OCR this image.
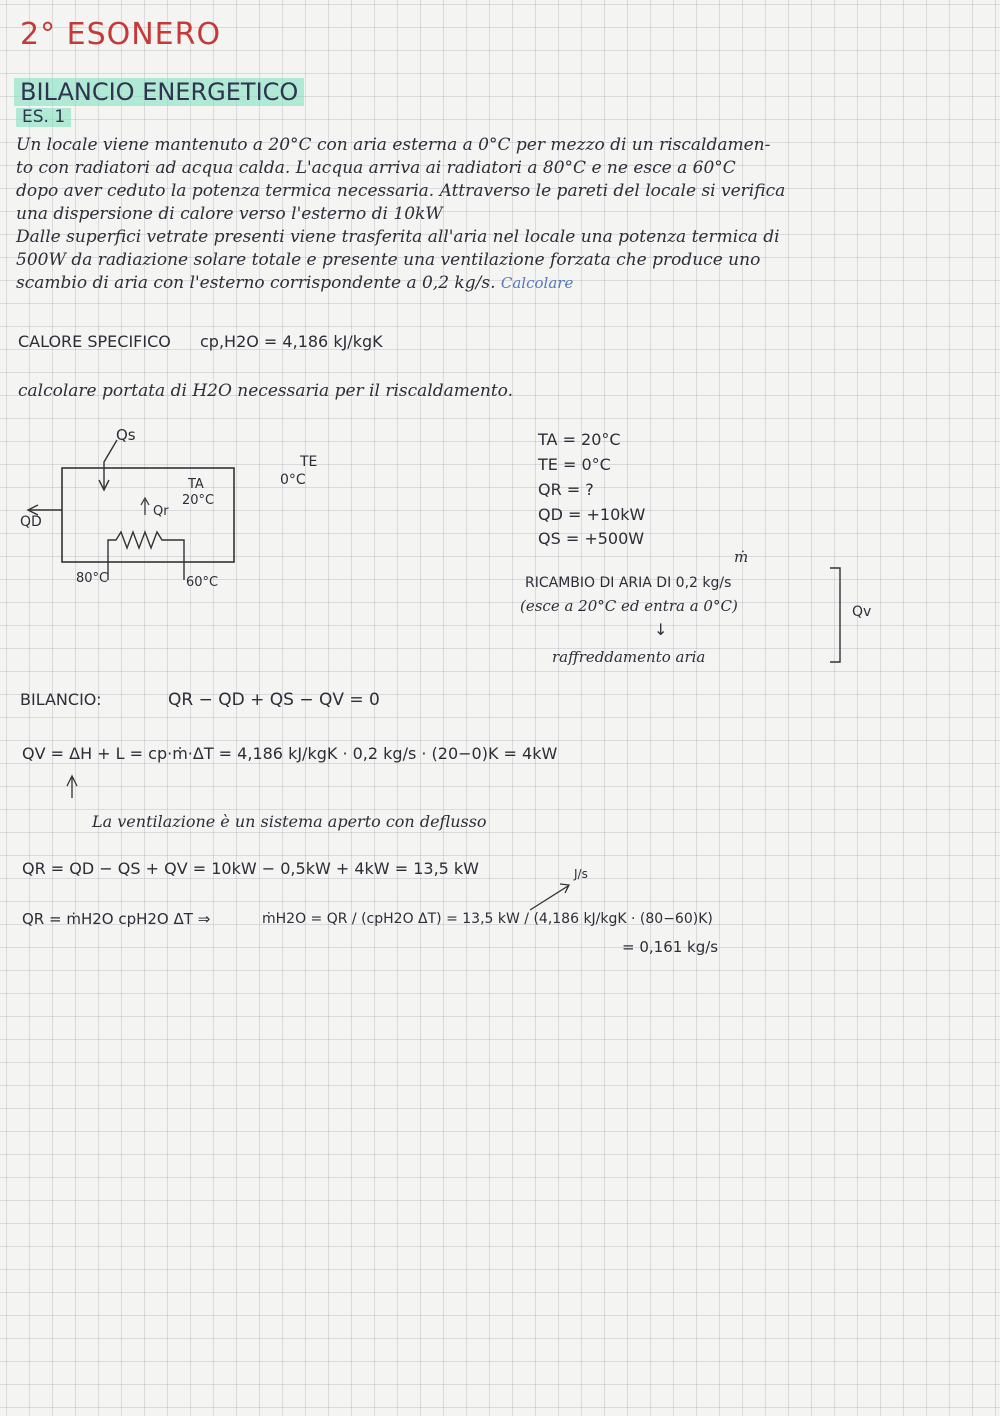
2° ESONERO
BILANCIO ENERGETICO
ES. 1
Un locale viene mantenuto a 20°C con aria esterna a 0°C per mezzo di un riscaldamen-
to con radiatori ad acqua calda. L'acqua arriva ai radiatori a 80°C e ne esce a 60°C
dopo aver ceduto la potenza termica necessaria. Attraverso le pareti del locale si verifica
una dispersione di calore verso l'esterno di 10kW
Dalle superfici vetrate presenti viene trasferita all'aria nel locale una potenza termica di
500W da radiazione solare totale e presente una ventilazione forzata che produce uno
scambio di aria con l'esterno corrispondente a 0,2 kg/s. Calcolare
CALORE SPECIFICO cp,H2O = 4,186 kJ/kgK
calcolare portata di H2O necessaria per il riscaldamento.
Qs
Qr
QD
TA
20°C
TE
0°C
80°C	60°C
TA = 20°C
TE = 0°C
QR = ?
QD = +10kW
QS = +500W
ṁ
RICAMBIO DI ARIA DI 0,2 kg/s
(esce a 20°C ed entra a 0°C)
↓
raffreddamento aria
Qv
BILANCIO:	QR − QD + QS − QV = 0
QV = ΔH + L = cp·ṁ·ΔT = 4,186 kJ/kgK · 0,2 kg/s · (20−0)K = 4kW
La ventilazione è un sistema aperto con deflusso
QR = QD − QS + QV = 10kW − 0,5kW + 4kW = 13,5 kW
QR = ṁH2O cpH2O ΔT ⇒	ṁH2O = QR / (cpH2O ΔT) = 13,5 kW / (4,186 kJ/kgK · (80−60)K)
J/s
= 0,161 kg/s
